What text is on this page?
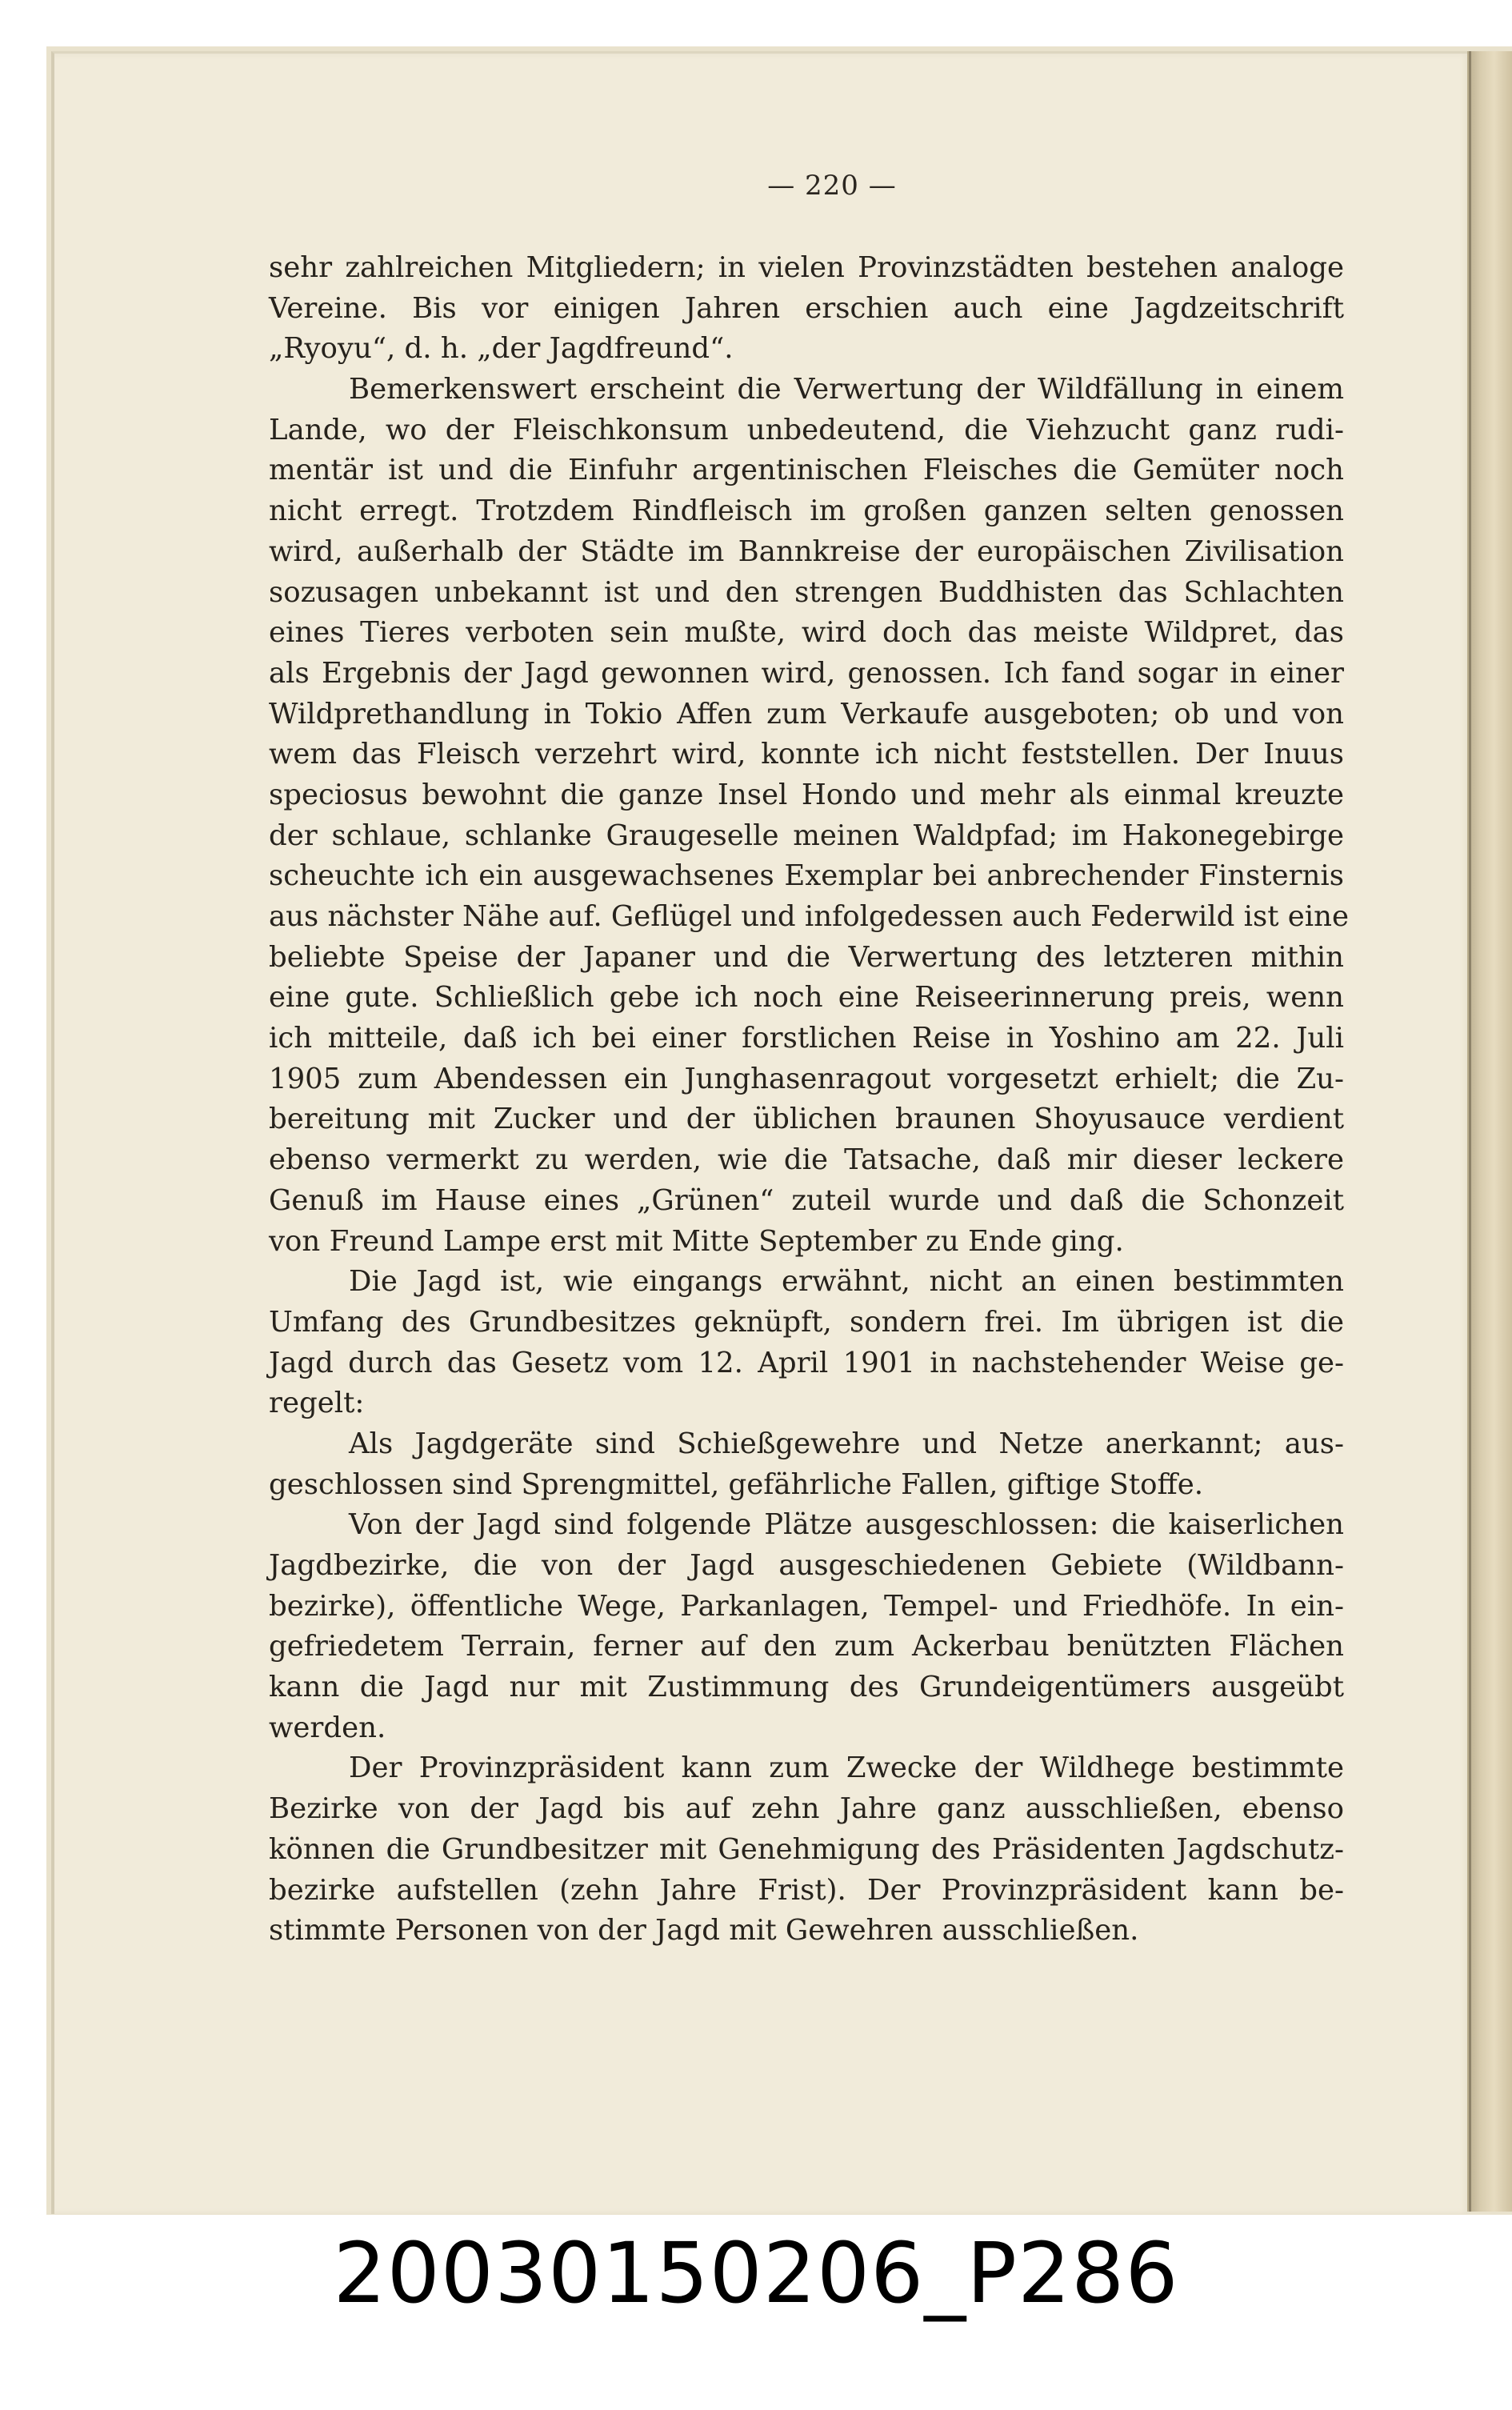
— 220 —
sehr zahlreichen Mitgliedern; in vielen Provinzstädten bestehen analoge
Vereine. Bis vor einigen Jahren erschien auch eine Jagdzeitschrift
„Ryoyu“, d. h. „der Jagdfreund“.
Bemerkenswert erscheint die Verwertung der Wildfällung in einem
Lande, wo der Fleischkonsum unbedeutend, die Viehzucht ganz rudi-
mentär ist und die Einfuhr argentinischen Fleisches die Gemüter noch
nicht erregt. Trotzdem Rindfleisch im großen ganzen selten genossen
wird, außerhalb der Städte im Bannkreise der europäischen Zivilisation
sozusagen unbekannt ist und den strengen Buddhisten das Schlachten
eines Tieres verboten sein mußte, wird doch das meiste Wildpret, das
als Ergebnis der Jagd gewonnen wird, genossen. Ich fand sogar in einer
Wildprethandlung in Tokio Affen zum Verkaufe ausgeboten; ob und von
wem das Fleisch verzehrt wird, konnte ich nicht feststellen. Der Inuus
speciosus bewohnt die ganze Insel Hondo und mehr als einmal kreuzte
der schlaue, schlanke Graugeselle meinen Waldpfad; im Hakonegebirge
scheuchte ich ein ausgewachsenes Exemplar bei anbrechender Finsternis
aus nächster Nähe auf. Geflügel und infolgedessen auch Federwild ist eine
beliebte Speise der Japaner und die Verwertung des letzteren mithin
eine gute. Schließlich gebe ich noch eine Reiseerinnerung preis, wenn
ich mitteile, daß ich bei einer forstlichen Reise in Yoshino am 22. Juli
1905 zum Abendessen ein Junghasenragout vorgesetzt erhielt; die Zu-
bereitung mit Zucker und der üblichen braunen Shoyusauce verdient
ebenso vermerkt zu werden, wie die Tatsache, daß mir dieser leckere
Genuß im Hause eines „Grünen“ zuteil wurde und daß die Schonzeit
von Freund Lampe erst mit Mitte September zu Ende ging.
Die Jagd ist, wie eingangs erwähnt, nicht an einen bestimmten
Umfang des Grundbesitzes geknüpft, sondern frei. Im übrigen ist die
Jagd durch das Gesetz vom 12. April 1901 in nachstehender Weise ge-
regelt:
Als Jagdgeräte sind Schießgewehre und Netze anerkannt; aus-
geschlossen sind Sprengmittel, gefährliche Fallen, giftige Stoffe.
Von der Jagd sind folgende Plätze ausgeschlossen: die kaiserlichen
Jagdbezirke, die von der Jagd ausgeschiedenen Gebiete (Wildbann-
bezirke), öffentliche Wege, Parkanlagen, Tempel- und Friedhöfe. In ein-
gefriedetem Terrain, ferner auf den zum Ackerbau benützten Flächen
kann die Jagd nur mit Zustimmung des Grundeigentümers ausgeübt
werden.
Der Provinzpräsident kann zum Zwecke der Wildhege bestimmte
Bezirke von der Jagd bis auf zehn Jahre ganz ausschließen, ebenso
können die Grundbesitzer mit Genehmigung des Präsidenten Jagdschutz-
bezirke aufstellen (zehn Jahre Frist). Der Provinzpräsident kann be-
stimmte Personen von der Jagd mit Gewehren ausschließen.
20030150206_P286
